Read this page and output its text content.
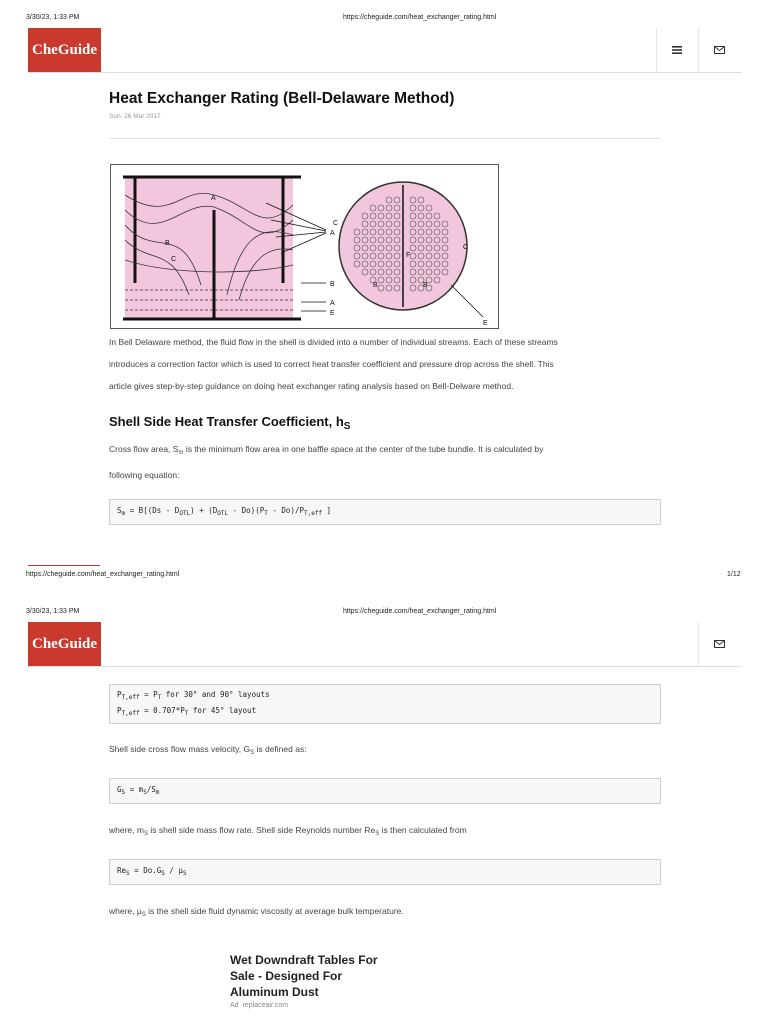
3/30/23, 1:33 PM	https://cheguide.com/heat_exchanger_rating.html
CheGuide
Heat Exchanger Rating (Bell-Delaware Method)
Sun, 26 Mar 2017
A
B
C
A
B
A
E
C
F
C
B	B
E
In Bell Delaware method, the fluid flow in the shell is divided into a number of individual streams. Each of these streams
introduces a correction factor which is used to correct heat transfer coefficient and pressure drop across the shell. This
article gives step-by-step guidance on doing heat exchanger rating analysis based on Bell-Delware method.
Shell Side Heat Transfer Coefficient, $h_S$
Cross flow area, $S_m$ is the minimum flow area in one baffle space at the center of the tube bundle. It is calculated by
following equation:
$S_m = B[(Ds - D_{OTL}) + (D_{OTL} - Do)(P_T - Do)/P_{T,eff}$ ]
https://cheguide.com/heat_exchanger_rating.html	1/12
3/30/23, 1:33 PM	https://cheguide.com/heat_exchanger_rating.html
CheGuide
$P_{T,eff} = P_T$ for 30° and 90° layouts
$P_{T,eff} = 0.707*P_T$ for 45° layout
Shell side cross flow mass velocity, $G_S$ is defined as:
$G_S = m_S/S_m$
where, $m_S$ is shell side mass flow rate. Shell side Reynolds number $Re_S$ is then calculated from
$Re_S = Do.G_S / \mu_S$
where, $\mu_S$ is the shell side fluid dynamic viscosity at average bulk temperature.
Wet Downdraft Tables For
Sale - Designed For
Aluminum Dust
Ad replaceair.com
